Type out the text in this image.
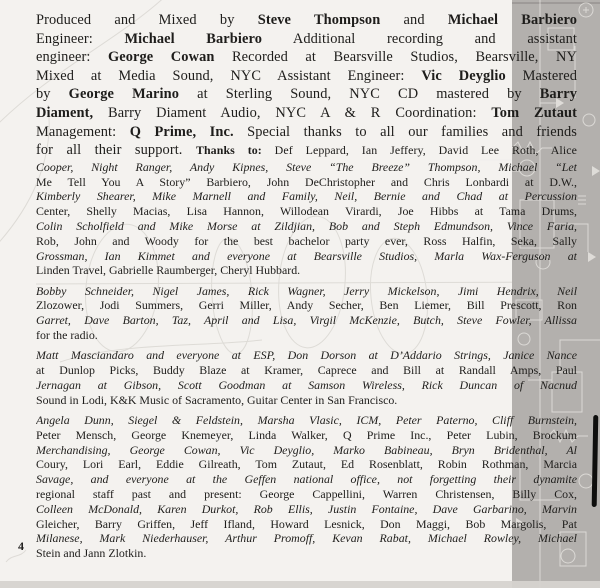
Produced and Mixed by Steve Thompson and Michael Barbiero
Engineer: Michael Barbiero Additional recording and assistant
engineer: George Cowan Recorded at Bearsville Studios, Bearsville, NY
Mixed at Media Sound, NYC Assistant Engineer: Vic Deyglio Mastered
by George Marino at Sterling Sound, NYC CD mastered by Barry
Diament, Barry Diament Audio, NYC A & R Coordination: Tom Zutaut
Management: Q Prime, Inc. Special thanks to all our families and friends
for all their support. Thanks to: Def Leppard, Ian Jeffery, David Lee Roth, Alice
Cooper, Night Ranger, Andy Kipnes, Steve “The Breeze” Thompson, Michael “Let
Me Tell You A Story” Barbiero, John DeChristopher and Chris Lonbardi at D.W.,
Kimberly Shearer, Mike Marnell and Family, Neil, Bernie and Chad at Percussion
Center, Shelly Macias, Lisa Hannon, Willodean Virardi, Joe Hibbs at Tama Drums,
Colin Scholfield and Mike Morse at Zildjian, Bob and Steph Edmundson, Vince Faria,
Rob, John and Woody for the best bachelor party ever, Ross Halfin, Seka, Sally
Grossman, Ian Kimmet and everyone at Bearsville Studios, Marla Wax-Ferguson at
Linden Travel, Gabrielle Raumberger, Cheryl Hubbard.
Bobby Schneider, Nigel James, Rick Wagner, Jerry Mickelson, Jimi Hendrix, Neil
Zlozower, Jodi Summers, Gerri Miller, Andy Secher, Ben Liemer, Bill Prescott, Ron
Garret, Dave Barton, Taz, April and Lisa, Virgil McKenzie, Butch, Steve Fowler, Allissa
for the radio.
Matt Masciandaro and everyone at ESP, Don Dorson at D’Addario Strings, Janice Nance
at Dunlop Picks, Buddy Blaze at Kramer, Caprece and Bill at Randall Amps, Paul
Jernagan at Gibson, Scott Goodman at Samson Wireless, Rick Duncan of Nacnud
Sound in Lodi, K&K Music of Sacramento, Guitar Center in San Francisco.
Angela Dunn, Siegel & Feldstein, Marsha Vlasic, ICM, Peter Paterno, Cliff Burnstein,
Peter Mensch, George Knemeyer, Linda Walker, Q Prime Inc., Peter Lubin, Brockum
Merchandising, George Cowan, Vic Deyglio, Marko Babineau, Bryn Bridenthal, Al
Coury, Lori Earl, Eddie Gilreath, Tom Zutaut, Ed Rosenblatt, Robin Rothman, Marcia
Savage, and everyone at the Geffen national office, not forgetting their dynamite
regional staff past and present: George Cappellini, Warren Christensen, Billy Cox,
Colleen McDonald, Karen Durkot, Rob Ellis, Justin Fontaine, Dave Garbarino, Marvin
Gleicher, Barry Griffen, Jeff Ifland, Howard Lesnick, Don Maggi, Bob Margolis, Pat
Milanese, Mark Niederhauser, Arthur Promoff, Kevan Rabat, Michael Rowley, Michael
Stein and Jann Zlotkin.
4
